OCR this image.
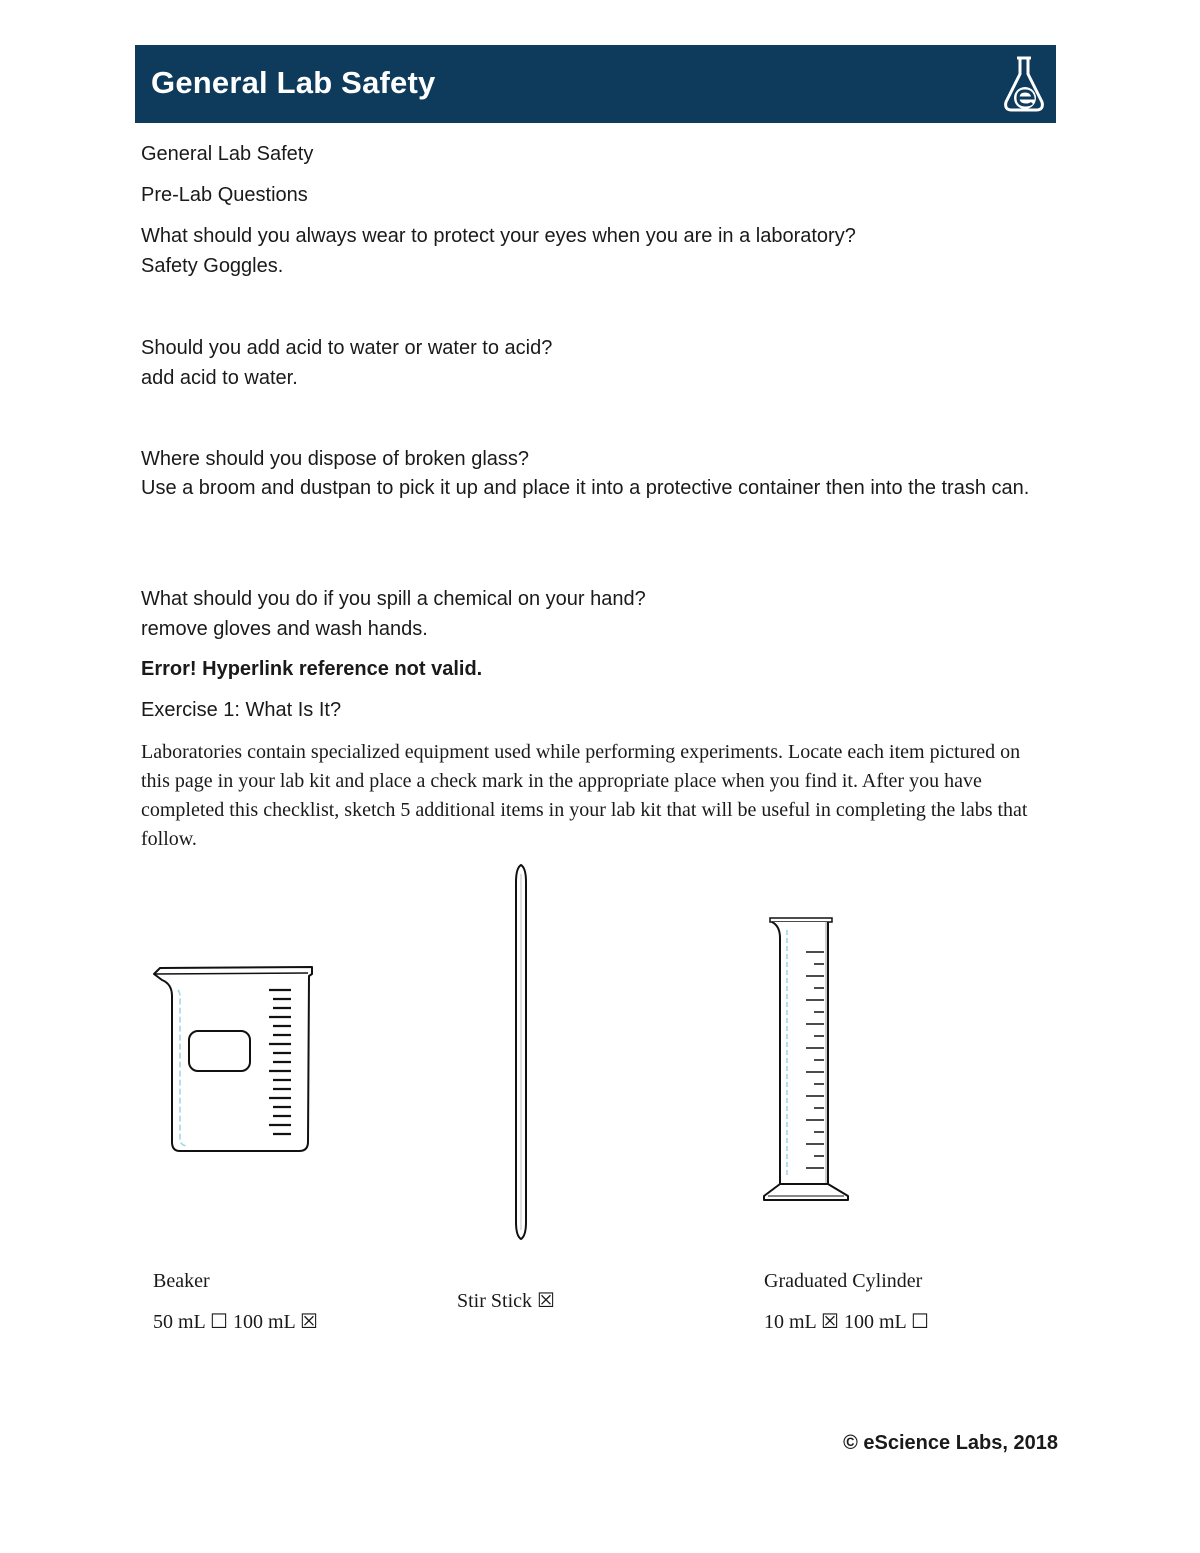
General Lab Safety
General Lab Safety
Pre-Lab Questions
What should you always wear to protect your eyes when you are in a laboratory?
Safety Goggles.
Should you add acid to water or water to acid?
add acid to water.
Where should you dispose of broken glass?
Use a broom and dustpan to pick it up and place it into a protective container then into the trash can.
What should you do if you spill a chemical on your hand?
remove gloves and wash hands.
Error! Hyperlink reference not valid.
Exercise 1: What Is It?
Laboratories contain specialized equipment used while performing experiments. Locate each item pictured on this page in your lab kit and place a check mark in the appropriate place when you find it. After you have completed this checklist, sketch 5 additional items in your lab kit that will be useful in completing the labs that follow.
Beaker
50 mL ☐ 100 mL ☒
Stir Stick ☒
Graduated Cylinder
10 mL ☒ 100 mL ☐
© eScience Labs, 2018
